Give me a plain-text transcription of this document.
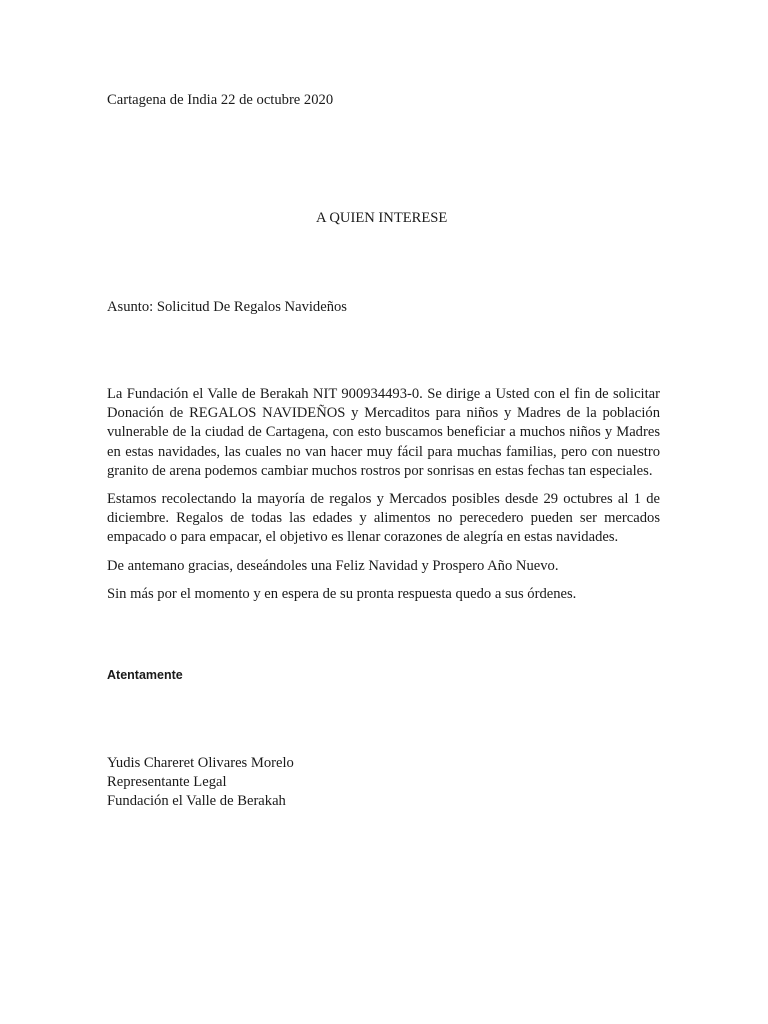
Cartagena de India 22 de octubre 2020

A QUIEN INTERESE

Asunto: Solicitud De Regalos Navideños

La Fundación el Valle de Berakah NIT 900934493-0. Se dirige a Usted con el fin de solicitar Donación de REGALOS NAVIDEÑOS y Mercaditos para niños y Madres de la población vulnerable de la ciudad de Cartagena, con esto buscamos beneficiar a muchos niños y Madres en estas navidades, las cuales no van hacer muy fácil para muchas familias, pero con nuestro granito de arena podemos cambiar muchos rostros por sonrisas en estas fechas tan especiales.

Estamos recolectando la mayoría de regalos y Mercados posibles desde 29 octubres al 1 de diciembre. Regalos de todas las edades y alimentos no perecedero pueden ser mercados empacado o para empacar, el objetivo es llenar corazones de alegría en estas navidades.

De antemano gracias, deseándoles una Feliz Navidad y Prospero Año Nuevo.

Sin más por el momento y en espera de su pronta respuesta quedo a sus órdenes.

Atentamente

Yudis Chareret Olivares Morelo
Representante Legal
Fundación el Valle de Berakah
